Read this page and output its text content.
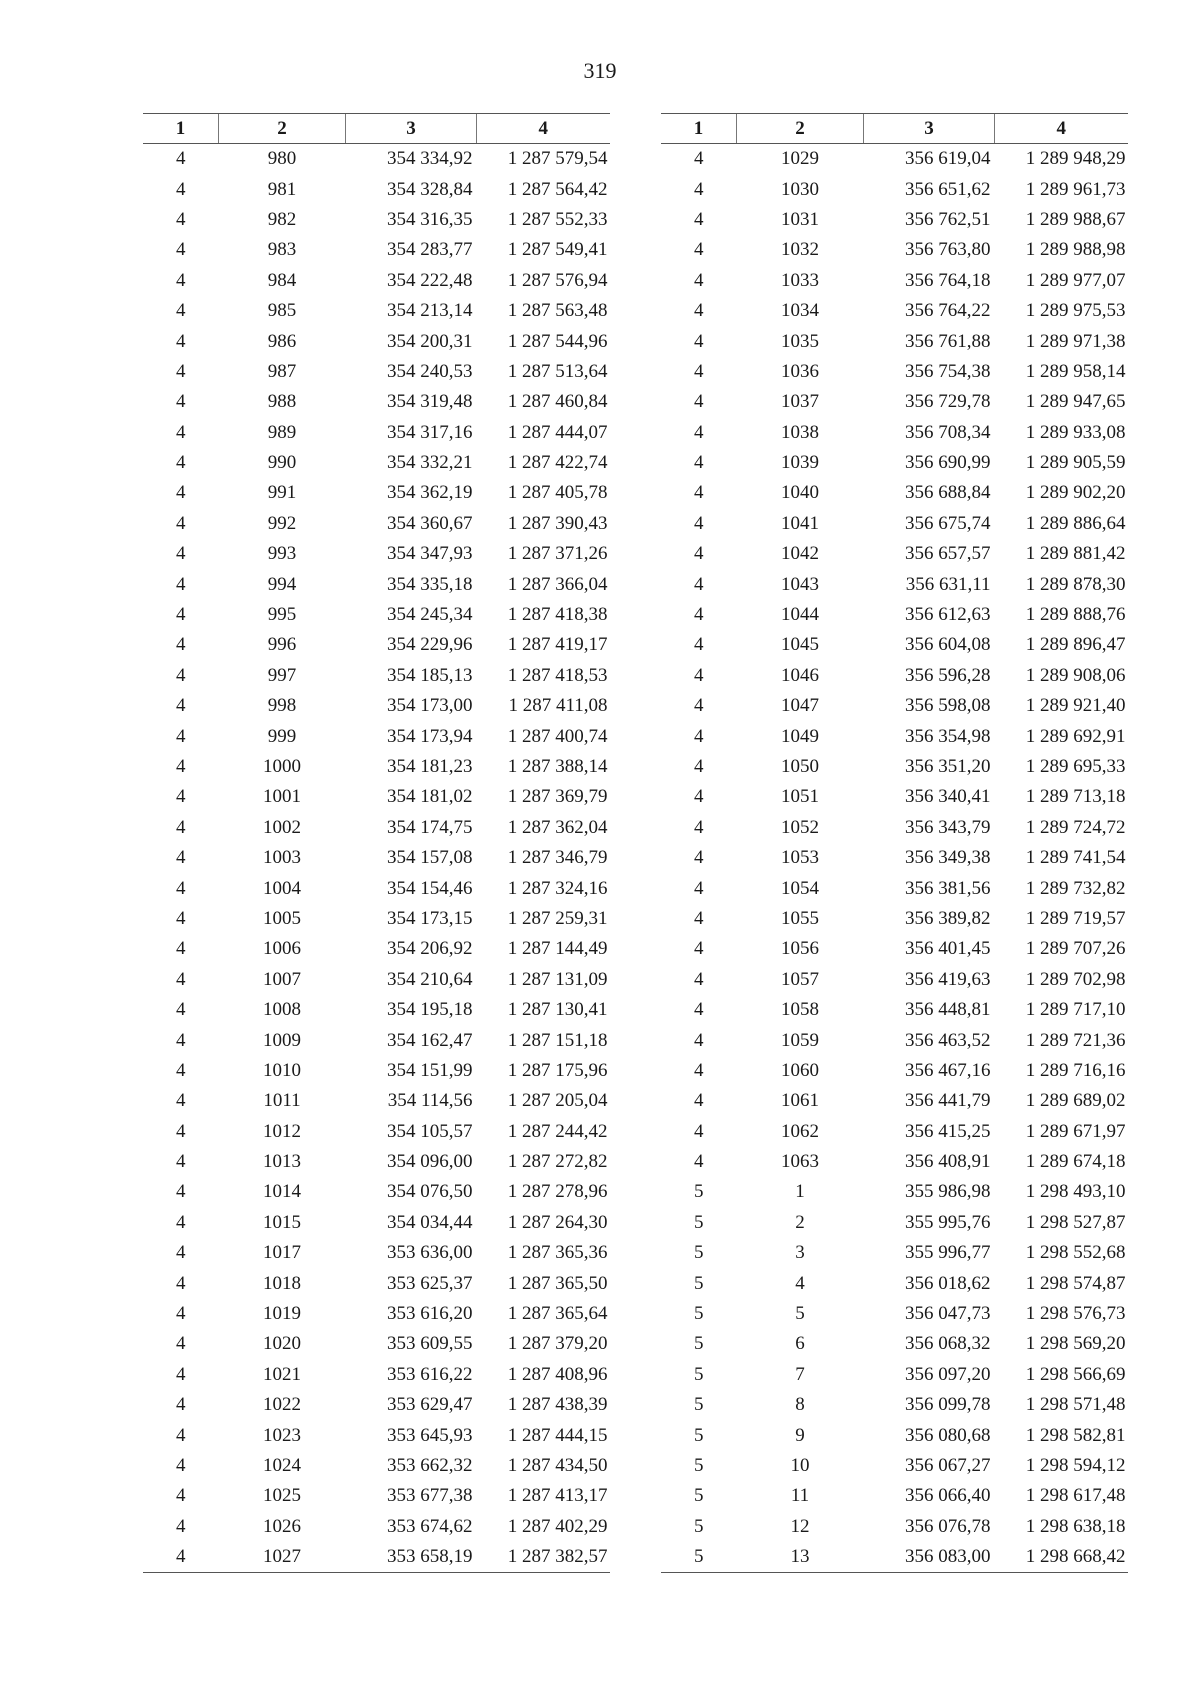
319
1	2	3	4
4	980	354 334,92	1 287 579,54
4	981	354 328,84	1 287 564,42
4	982	354 316,35	1 287 552,33
4	983	354 283,77	1 287 549,41
4	984	354 222,48	1 287 576,94
4	985	354 213,14	1 287 563,48
4	986	354 200,31	1 287 544,96
4	987	354 240,53	1 287 513,64
4	988	354 319,48	1 287 460,84
4	989	354 317,16	1 287 444,07
4	990	354 332,21	1 287 422,74
4	991	354 362,19	1 287 405,78
4	992	354 360,67	1 287 390,43
4	993	354 347,93	1 287 371,26
4	994	354 335,18	1 287 366,04
4	995	354 245,34	1 287 418,38
4	996	354 229,96	1 287 419,17
4	997	354 185,13	1 287 418,53
4	998	354 173,00	1 287 411,08
4	999	354 173,94	1 287 400,74
4	1000	354 181,23	1 287 388,14
4	1001	354 181,02	1 287 369,79
4	1002	354 174,75	1 287 362,04
4	1003	354 157,08	1 287 346,79
4	1004	354 154,46	1 287 324,16
4	1005	354 173,15	1 287 259,31
4	1006	354 206,92	1 287 144,49
4	1007	354 210,64	1 287 131,09
4	1008	354 195,18	1 287 130,41
4	1009	354 162,47	1 287 151,18
4	1010	354 151,99	1 287 175,96
4	1011	354 114,56	1 287 205,04
4	1012	354 105,57	1 287 244,42
4	1013	354 096,00	1 287 272,82
4	1014	354 076,50	1 287 278,96
4	1015	354 034,44	1 287 264,30
4	1017	353 636,00	1 287 365,36
4	1018	353 625,37	1 287 365,50
4	1019	353 616,20	1 287 365,64
4	1020	353 609,55	1 287 379,20
4	1021	353 616,22	1 287 408,96
4	1022	353 629,47	1 287 438,39
4	1023	353 645,93	1 287 444,15
4	1024	353 662,32	1 287 434,50
4	1025	353 677,38	1 287 413,17
4	1026	353 674,62	1 287 402,29
4	1027	353 658,19	1 287 382,57
1	2	3	4
4	1029	356 619,04	1 289 948,29
4	1030	356 651,62	1 289 961,73
4	1031	356 762,51	1 289 988,67
4	1032	356 763,80	1 289 988,98
4	1033	356 764,18	1 289 977,07
4	1034	356 764,22	1 289 975,53
4	1035	356 761,88	1 289 971,38
4	1036	356 754,38	1 289 958,14
4	1037	356 729,78	1 289 947,65
4	1038	356 708,34	1 289 933,08
4	1039	356 690,99	1 289 905,59
4	1040	356 688,84	1 289 902,20
4	1041	356 675,74	1 289 886,64
4	1042	356 657,57	1 289 881,42
4	1043	356 631,11	1 289 878,30
4	1044	356 612,63	1 289 888,76
4	1045	356 604,08	1 289 896,47
4	1046	356 596,28	1 289 908,06
4	1047	356 598,08	1 289 921,40
4	1049	356 354,98	1 289 692,91
4	1050	356 351,20	1 289 695,33
4	1051	356 340,41	1 289 713,18
4	1052	356 343,79	1 289 724,72
4	1053	356 349,38	1 289 741,54
4	1054	356 381,56	1 289 732,82
4	1055	356 389,82	1 289 719,57
4	1056	356 401,45	1 289 707,26
4	1057	356 419,63	1 289 702,98
4	1058	356 448,81	1 289 717,10
4	1059	356 463,52	1 289 721,36
4	1060	356 467,16	1 289 716,16
4	1061	356 441,79	1 289 689,02
4	1062	356 415,25	1 289 671,97
4	1063	356 408,91	1 289 674,18
5	1	355 986,98	1 298 493,10
5	2	355 995,76	1 298 527,87
5	3	355 996,77	1 298 552,68
5	4	356 018,62	1 298 574,87
5	5	356 047,73	1 298 576,73
5	6	356 068,32	1 298 569,20
5	7	356 097,20	1 298 566,69
5	8	356 099,78	1 298 571,48
5	9	356 080,68	1 298 582,81
5	10	356 067,27	1 298 594,12
5	11	356 066,40	1 298 617,48
5	12	356 076,78	1 298 638,18
5	13	356 083,00	1 298 668,42
